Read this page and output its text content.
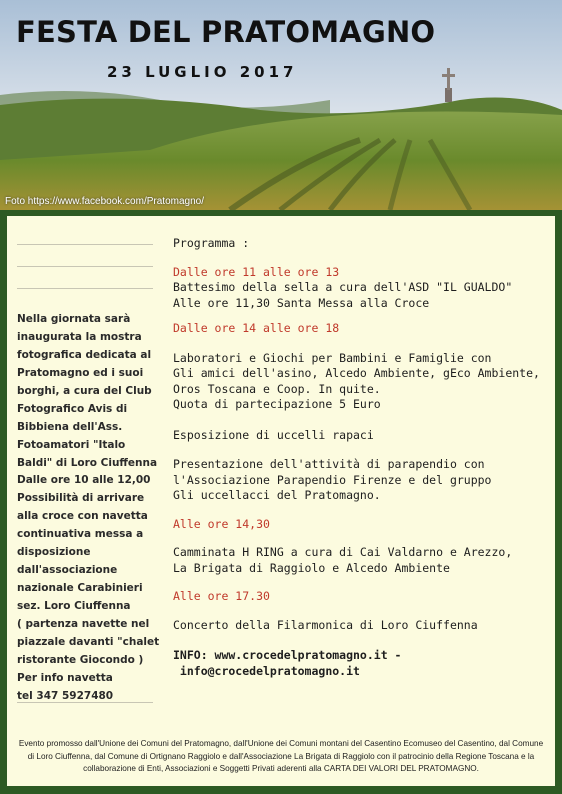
FESTA DEL PRATOMAGNO
23 LUGLIO 2017
Foto https://www.facebook.com/Pratomagno/
Nella giornata sarà
inaugurata la mostra
fotografica dedicata al
Pratomagno ed i suoi
borghi, a cura del Club
Fotografico Avis di
Bibbiena dell'Ass.
Fotoamatori "Italo
Baldi" di Loro Ciuffenna
Dalle ore 10 alle 12,00
Possibilità di arrivare
alla croce con navetta
continuativa messa a
disposizione
dall'associazione
nazionale Carabinieri
sez. Loro Ciuffenna
( partenza navette nel
piazzale davanti "chalet
ristorante Giocondo )
Per info navetta
tel 347 5927480
Programma :
Dalle ore 11 alle ore 13
Battesimo della sella a cura dell'ASD "IL GUALDO"
Alle ore 11,30 Santa Messa alla Croce
Dalle ore 14 alle ore 18
Laboratori e Giochi per Bambini e Famiglie con
Gli amici dell'asino, Alcedo Ambiente, gEco Ambiente,
Oros Toscana e Coop. In quite.
Quota di partecipazione 5 Euro
Esposizione di uccelli rapaci
Presentazione dell'attività di parapendio con
l'Associazione Parapendio Firenze e del gruppo
Gli uccellacci del Pratomagno.
Alle ore 14,30
Camminata H RING a cura di Cai Valdarno e Arezzo,
La Brigata di Raggiolo e Alcedo Ambiente
Alle ore 17.30
Concerto della Filarmonica di Loro Ciuffenna
INFO: www.crocedelpratomagno.it -
info@crocedelpratomagno.it
Evento promosso dall'Unione dei Comuni del Pratomagno, dall'Unione dei Comuni montani del Casentino Ecomuseo del Casentino, dal Comune
di Loro Ciuffenna, dal Comune di Ortignano Raggiolo e dall'Associazione La Brigata di Raggiolo con il patrocinio della Regione Toscana e la
collaborazione di Enti, Associazioni e Soggetti Privati aderenti alla CARTA DEI VALORI DEL PRATOMAGNO.
